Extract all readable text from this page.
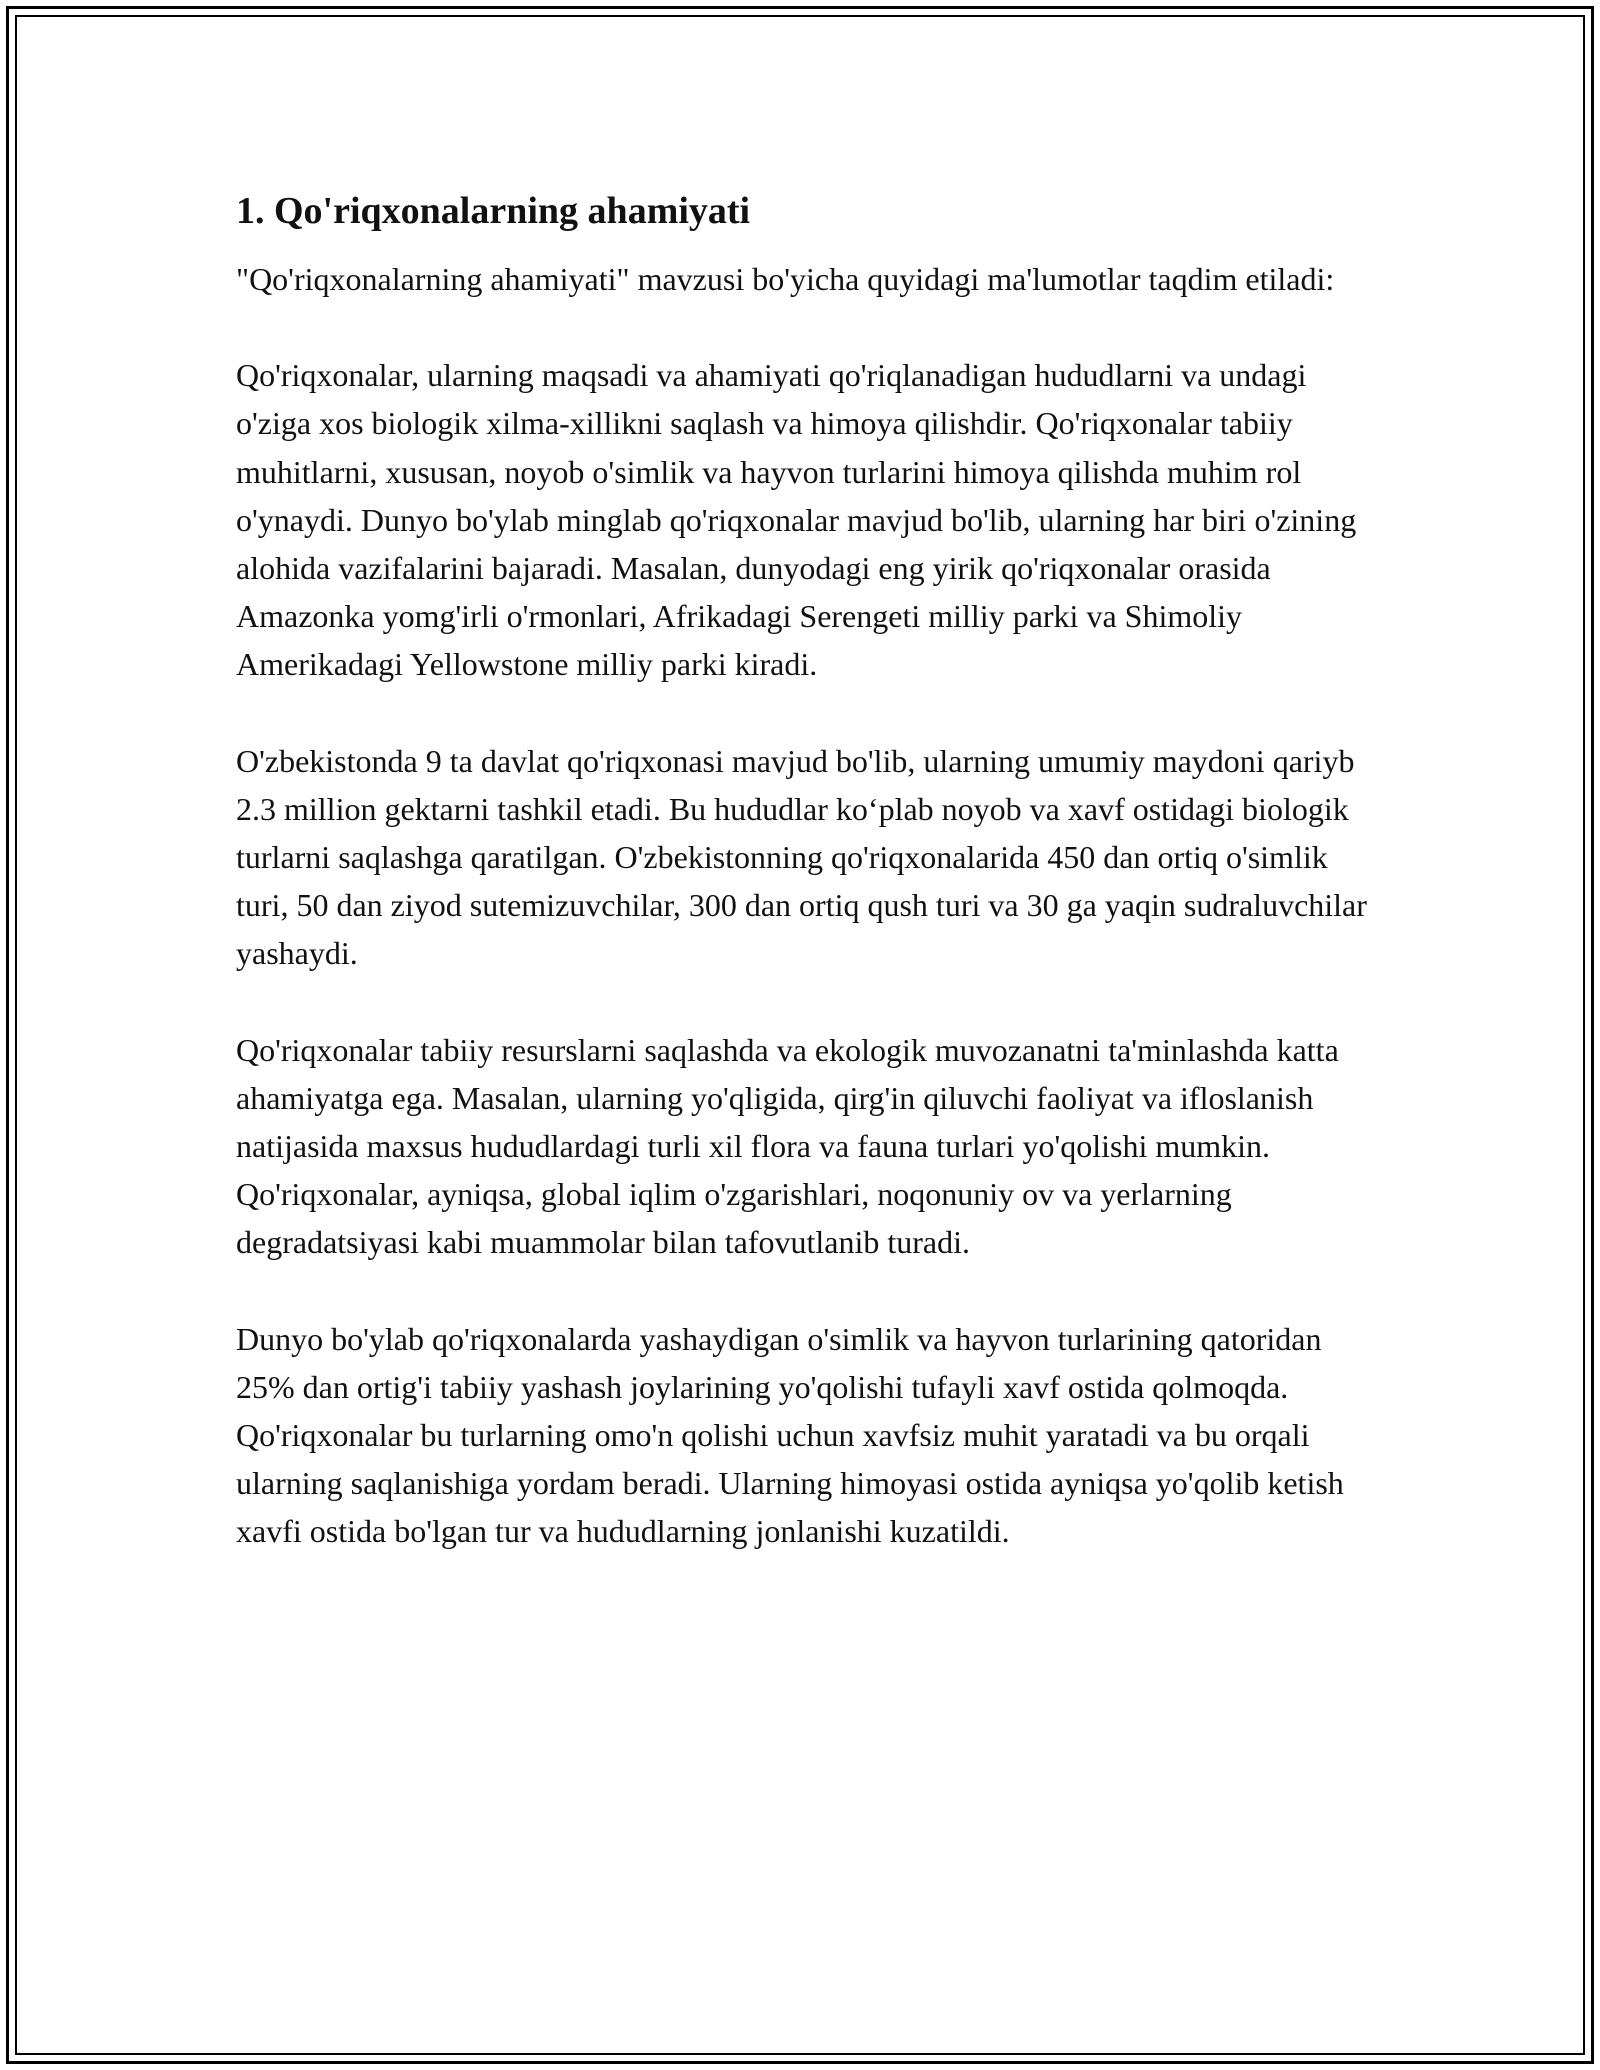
1. Qo'riqxonalarning ahamiyati

"Qo'riqxonalarning ahamiyati" mavzusi bo'yicha quyidagi ma'lumotlar taqdim etiladi:

Qo'riqxonalar, ularning maqsadi va ahamiyati qo'riqlanadigan hududlarni va undagi o'ziga xos biologik xilma-xillikni saqlash va himoya qilishdir. Qo'riqxonalar tabiiy muhitlarni, xususan, noyob o'simlik va hayvon turlarini himoya qilishda muhim rol o'ynaydi. Dunyo bo'ylab minglab qo'riqxonalar mavjud bo'lib, ularning har biri o'zining alohida vazifalarini bajaradi. Masalan, dunyodagi eng yirik qo'riqxonalar orasida Amazonka yomg'irli o'rmonlari, Afrikadagi Serengeti milliy parki va Shimoliy Amerikadagi Yellowstone milliy parki kiradi.

O'zbekistonda 9 ta davlat qo'riqxonasi mavjud bo'lib, ularning umumiy maydoni qariyb 2.3 million gektarni tashkil etadi. Bu hududlar ko‘plab noyob va xavf ostidagi biologik turlarni saqlashga qaratilgan. O'zbekistonning qo'riqxonalarida 450 dan ortiq o'simlik turi, 50 dan ziyod sutemizuvchilar, 300 dan ortiq qush turi va 30 ga yaqin sudraluvchilar yashaydi.

Qo'riqxonalar tabiiy resurslarni saqlashda va ekologik muvozanatni ta'minlashda katta ahamiyatga ega. Masalan, ularning yo'qligida, qirg'in qiluvchi faoliyat va ifloslanish natijasida maxsus hududlardagi turli xil flora va fauna turlari yo'qolishi mumkin. Qo'riqxonalar, ayniqsa, global iqlim o'zgarishlari, noqonuniy ov va yerlarning degradatsiyasi kabi muammolar bilan tafovutlanib turadi.

Dunyo bo'ylab qo'riqxonalarda yashaydigan o'simlik va hayvon turlarining qatoridan 25% dan ortig'i tabiiy yashash joylarining yo'qolishi tufayli xavf ostida qolmoqda. Qo'riqxonalar bu turlarning omo'n qolishi uchun xavfsiz muhit yaratadi va bu orqali ularning saqlanishiga yordam beradi. Ularning himoyasi ostida ayniqsa yo'qolib ketish xavfi ostida bo'lgan tur va hududlarning jonlanishi kuzatildi.
